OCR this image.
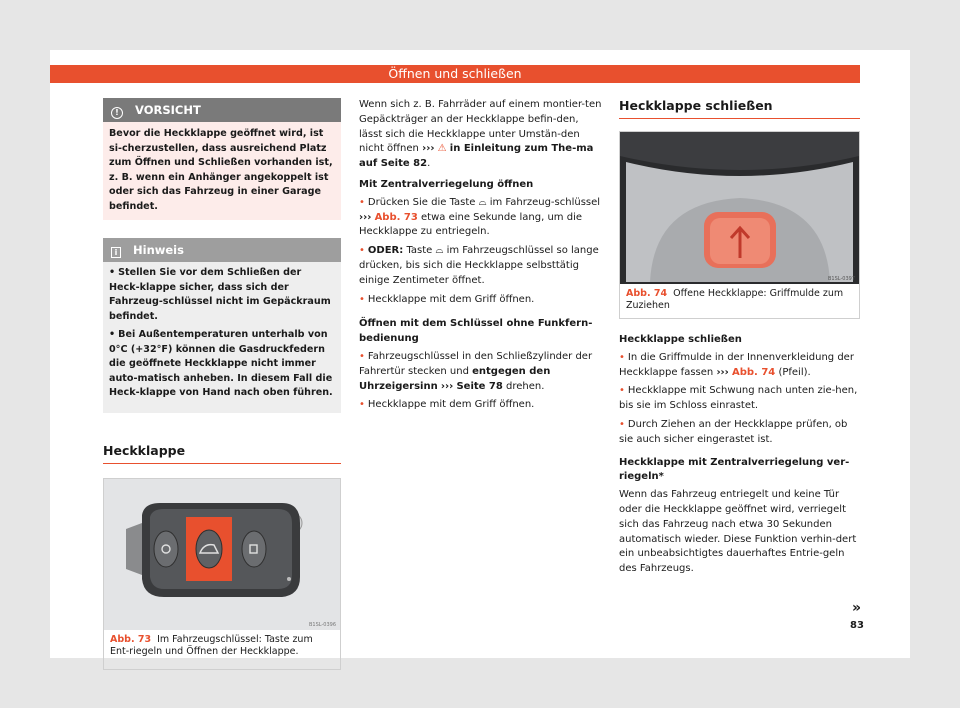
Öffnen und schließen
! VORSICHT
Bevor die Heckklappe geöffnet wird, ist si-cherzustellen, dass ausreichend Platz zum Öffnen und Schließen vorhanden ist, z. B. wenn ein Anhänger angekoppelt ist oder sich das Fahrzeug in einer Garage befindet.
i Hinweis

• Stellen Sie vor dem Schließen der Heck-klappe sicher, dass sich der Fahrzeug-schlüssel nicht im Gepäckraum befindet.

• Bei Außentemperaturen unterhalb von 0°C (+32°F) können die Gasdruckfedern die geöffnete Heckklappe nicht immer auto-matisch anheben. In diesem Fall die Heck-klappe von Hand nach oben führen.

Heckklappe
B1SL-0396
Abb. 73 Im Fahrzeugschlüssel: Taste zum Ent-riegeln und Öffnen der Heckklappe.

Wenn sich z. B. Fahrräder auf einem montier-ten Gepäckträger an der Heckklappe befin-den, lässt sich die Heckklappe unter Umstän-den nicht öffnen ››› ⚠ in Einleitung zum The-ma auf Seite 82.

Mit Zentralverriegelung öffnen

• Drücken Sie die Taste ⌓ im Fahrzeug-schlüssel ››› Abb. 73 etwa eine Sekunde lang, um die Heckklappe zu entriegeln.

• ODER: Taste ⌓ im Fahrzeugschlüssel so lange drücken, bis sich die Heckklappe selbsttätig einige Zentimeter öffnet.

• Heckklappe mit dem Griff öffnen.

Öffnen mit dem Schlüssel ohne Funkfern-bedienung

• Fahrzeugschlüssel in den Schließzylinder der Fahrertür stecken und entgegen den Uhrzeigersinn ››› Seite 78 drehen.

• Heckklappe mit dem Griff öffnen.

Heckklappe schließen
B1SL-0397
Abb. 74 Offene Heckklappe: Griffmulde zum Zuziehen
Heckklappe schließen

• In die Griffmulde in der Innenverkleidung der Heckklappe fassen ››› Abb. 74 (Pfeil).

• Heckklappe mit Schwung nach unten zie-hen, bis sie im Schloss einrastet.

• Durch Ziehen an der Heckklappe prüfen, ob sie auch sicher eingerastet ist.

Heckklappe mit Zentralverriegelung ver-riegeln*

Wenn das Fahrzeug entriegelt und keine Tür oder die Heckklappe geöffnet wird, verriegelt sich das Fahrzeug nach etwa 30 Sekunden automatisch wieder. Diese Funktion verhin-dert ein unbeabsichtigtes dauerhaftes Entrie-geln des Fahrzeugs.

»
83
